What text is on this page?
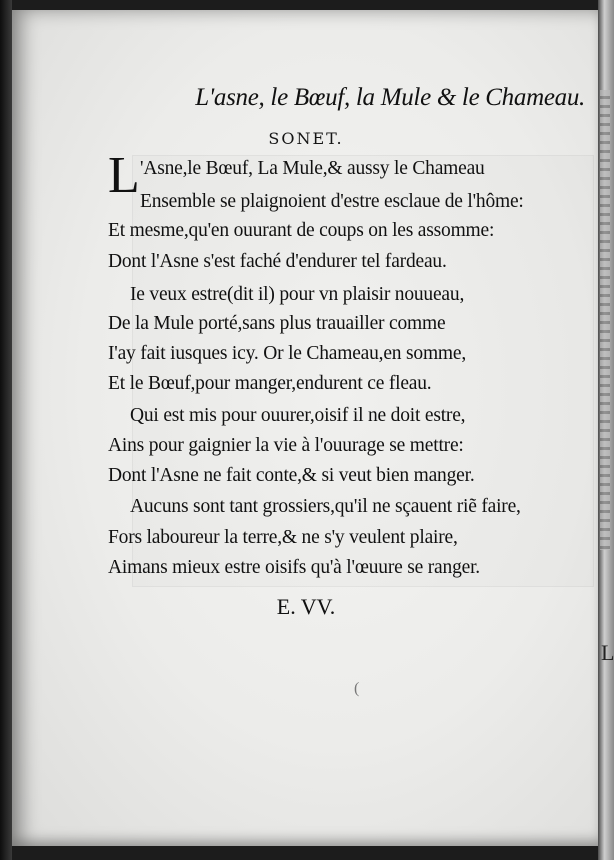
L
L'asne, le Bœuf, la Mule & le Chameau.
SONET.
L 'Asne,le Bœuf, La Mule,& aussy le Chameau
Ensemble se plaignoient d'estre esclaue de l'hôme:
Et mesme,qu'en ouurant de coups on les assomme:
Dont l'Asne s'est faché d'endurer tel fardeau.
Ie veux estre(dit il) pour vn plaisir nouueau,
De la Mule porté,sans plus trauailler comme
I'ay fait iusques icy. Or le Chameau,en somme,
Et le Bœuf,pour manger,endurent ce fleau.
Qui est mis pour ouurer,oisif il ne doit estre,
Ains pour gaignier la vie à l'ouurage se mettre:
Dont l'Asne ne fait conte,& si veut bien manger.
Aucuns sont tant grossiers,qu'il ne sçauent riẽ faire,
Fors laboureur la terre,& ne s'y veulent plaire,
Aimans mieux estre oisifs qu'à l'œuure se ranger.
E. VV.
(
